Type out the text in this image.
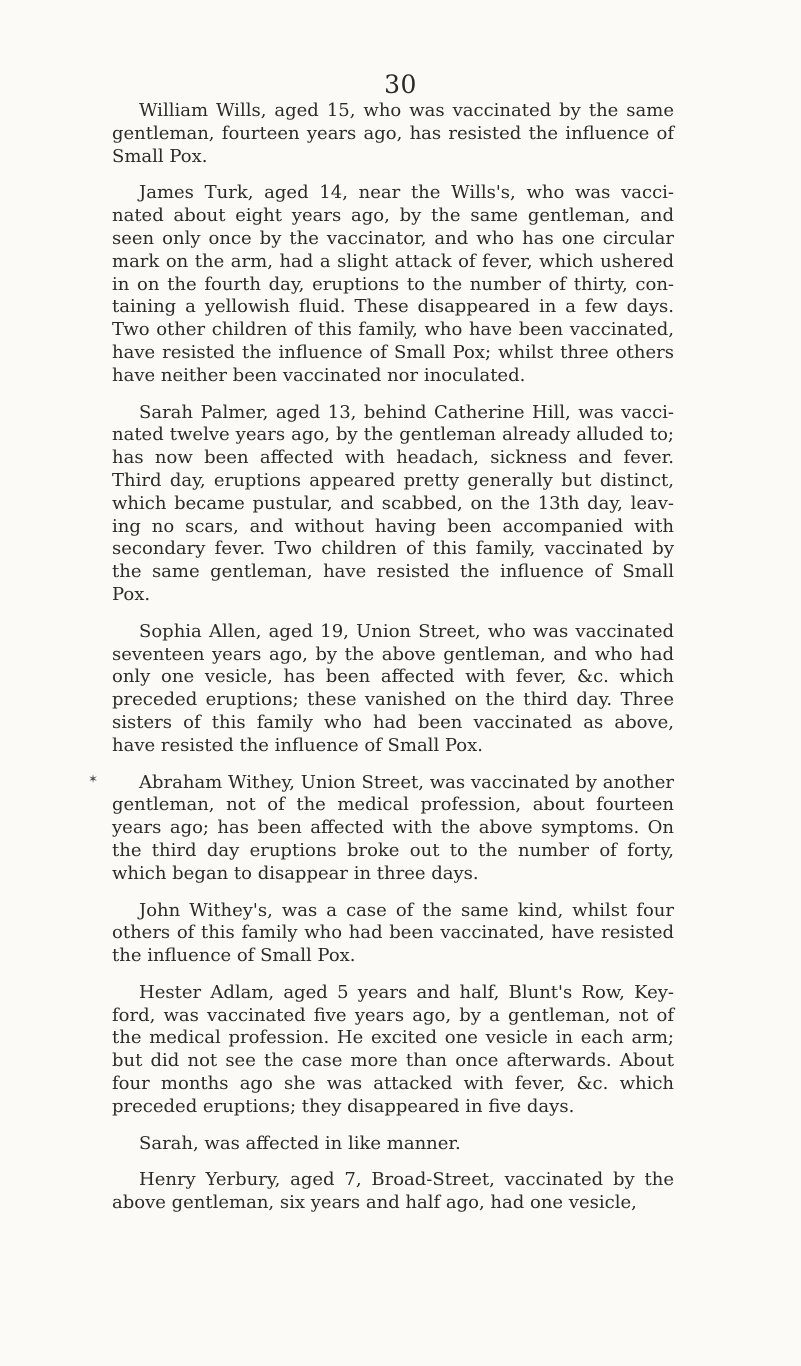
30

William Wills, aged 15, who was vaccinated by the same gentleman, fourteen years ago, has resisted the influence of Small Pox.

James Turk, aged 14, near the Wills's, who was vacci- nated about eight years ago, by the same gentleman, and seen only once by the vaccinator, and who has one circular mark on the arm, had a slight attack of fever, which ushered in on the fourth day, eruptions to the number of thirty, con- taining a yellowish fluid. These disappeared in a few days. Two other children of this family, who have been vaccinated, have resisted the influence of Small Pox; whilst three others have neither been vaccinated nor inoculated.

Sarah Palmer, aged 13, behind Catherine Hill, was vacci- nated twelve years ago, by the gentleman already alluded to; has now been affected with headach, sickness and fever. Third day, eruptions appeared pretty generally but distinct, which became pustular, and scabbed, on the 13th day, leav- ing no scars, and without having been accompanied with secondary fever. Two children of this family, vaccinated by the same gentleman, have resisted the influence of Small Pox.

Sophia Allen, aged 19, Union Street, who was vaccinated seventeen years ago, by the above gentleman, and who had only one vesicle, has been affected with fever, &c. which preceded eruptions; these vanished on the third day. Three sisters of this family who had been vaccinated as above, have resisted the influence of Small Pox.

Abraham Withey, Union Street, was vaccinated by another gentleman, not of the medical profession, about fourteen years ago; has been affected with the above symptoms. On the third day eruptions broke out to the number of forty, which began to disappear in three days.

John Withey's, was a case of the same kind, whilst four others of this family who had been vaccinated, have resisted the influence of Small Pox.

Hester Adlam, aged 5 years and half, Blunt's Row, Key- ford, was vaccinated five years ago, by a gentleman, not of the medical profession. He excited one vesicle in each arm; but did not see the case more than once afterwards. About four months ago she was attacked with fever, &c. which preceded eruptions; they disappeared in five days.

Sarah, was affected in like manner.

Henry Yerbury, aged 7, Broad-Street, vaccinated by the above gentleman, six years and half ago, had one vesicle,

✶
